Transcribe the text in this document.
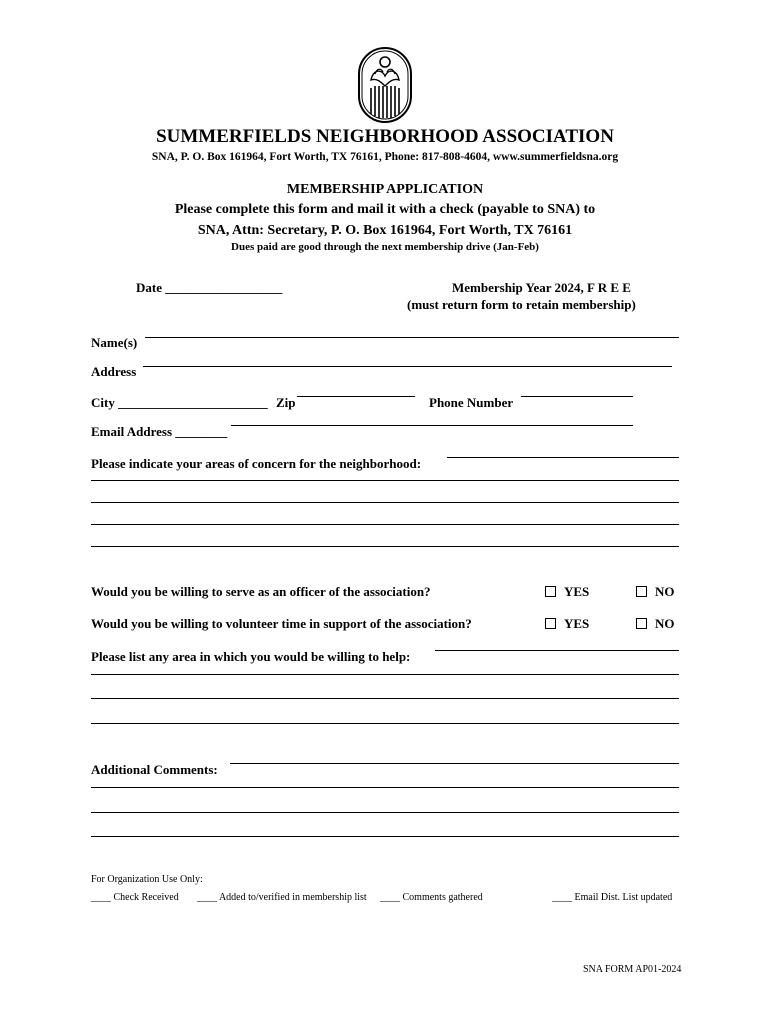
SUMMERFIELDS NEIGHBORHOOD ASSOCIATION
SNA, P. O. Box 161964, Fort Worth, TX 76161, Phone: 817-808-4604, www.summerfieldsna.org
MEMBERSHIP APPLICATION
Please complete this form and mail it with a check (payable to SNA) to
SNA, Attn: Secretary, P. O. Box 161964, Fort Worth, TX 76161
Dues paid are good through the next membership drive (Jan-Feb)
Date __________________	Membership Year 2024, F R E E
(must return form to retain membership)
Name(s)
Address
City _______________________ Zip	Phone Number
Email Address ________
Please indicate your areas of concern for the neighborhood:
Would you be willing to serve as an officer of the association?	YES	NO
Would you be willing to volunteer time in support of the association?	YES	NO
Please list any area in which you would be willing to help:
Additional Comments:
For Organization Use Only:
____ Check Received ____ Added to/verified in membership list ____ Comments gathered	____ Email Dist. List updated
SNA FORM AP01-2024
